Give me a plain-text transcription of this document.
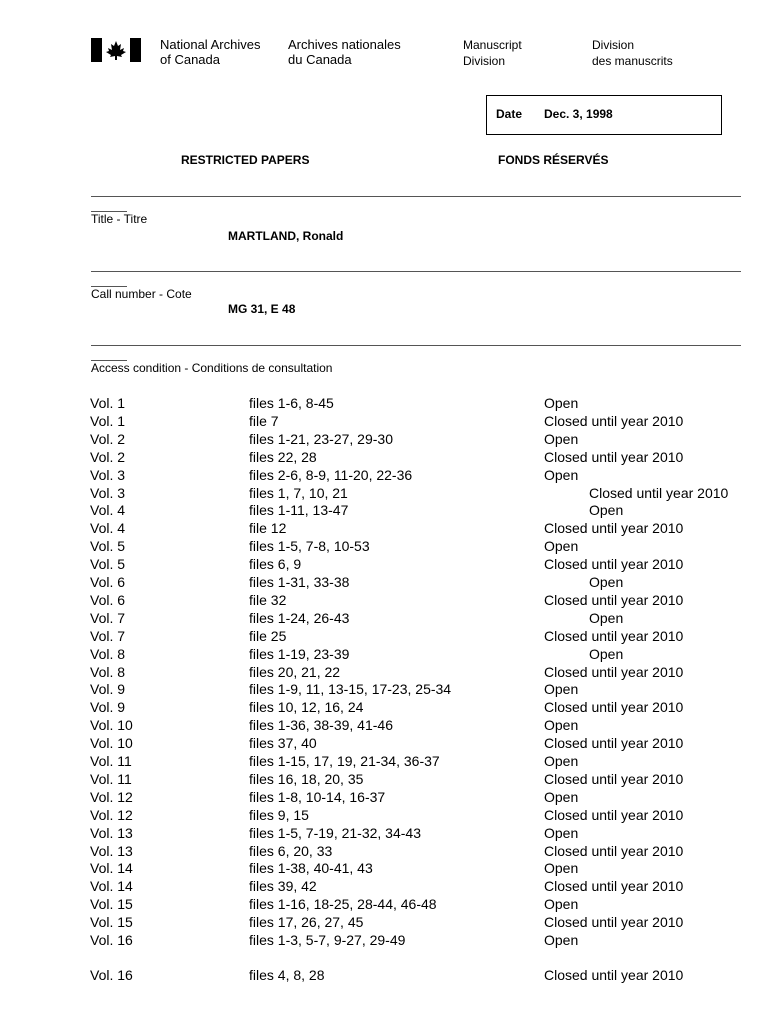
National Archives
of Canada
Archives nationales
du Canada
Manuscript
Division
Division
des manuscrits
Date Dec. 3, 1998
RESTRICTED PAPERS	FONDS RÉSERVÉS
Title - Titre
MARTLAND, Ronald
Call number - Cote
MG 31, E 48
Access condition - Conditions de consultation
Vol. 1	files 1-6, 8-45	Open
Vol. 1	file 7	Closed until year 2010
Vol. 2	files 1-21, 23-27, 29-30	Open
Vol. 2	files 22, 28	Closed until year 2010
Vol. 3	files 2-6, 8-9, 11-20, 22-36	Open
Vol. 3	files 1, 7, 10, 21	Closed until year 2010
Vol. 4	files 1-11, 13-47	Open
Vol. 4	file 12	Closed until year 2010
Vol. 5	files 1-5, 7-8, 10-53	Open
Vol. 5	files 6, 9	Closed until year 2010
Vol. 6	files 1-31, 33-38	Open
Vol. 6	file 32	Closed until year 2010
Vol. 7	files 1-24, 26-43	Open
Vol. 7	file 25	Closed until year 2010
Vol. 8	files 1-19, 23-39	Open
Vol. 8	files 20, 21, 22	Closed until year 2010
Vol. 9	files 1-9, 11, 13-15, 17-23, 25-34	Open
Vol. 9	files 10, 12, 16, 24	Closed until year 2010
Vol. 10	files 1-36, 38-39, 41-46	Open
Vol. 10	files 37, 40	Closed until year 2010
Vol. 11	files 1-15, 17, 19, 21-34, 36-37	Open
Vol. 11	files 16, 18, 20, 35	Closed until year 2010
Vol. 12	files 1-8, 10-14, 16-37	Open
Vol. 12	files 9, 15	Closed until year 2010
Vol. 13	files 1-5, 7-19, 21-32, 34-43	Open
Vol. 13	files 6, 20, 33	Closed until year 2010
Vol. 14	files 1-38, 40-41, 43	Open
Vol. 14	files 39, 42	Closed until year 2010
Vol. 15	files 1-16, 18-25, 28-44, 46-48	Open
Vol. 15	files 17, 26, 27, 45	Closed until year 2010
Vol. 16	files 1-3, 5-7, 9-27, 29-49	Open
Vol. 16	files 4, 8, 28	Closed until year 2010
